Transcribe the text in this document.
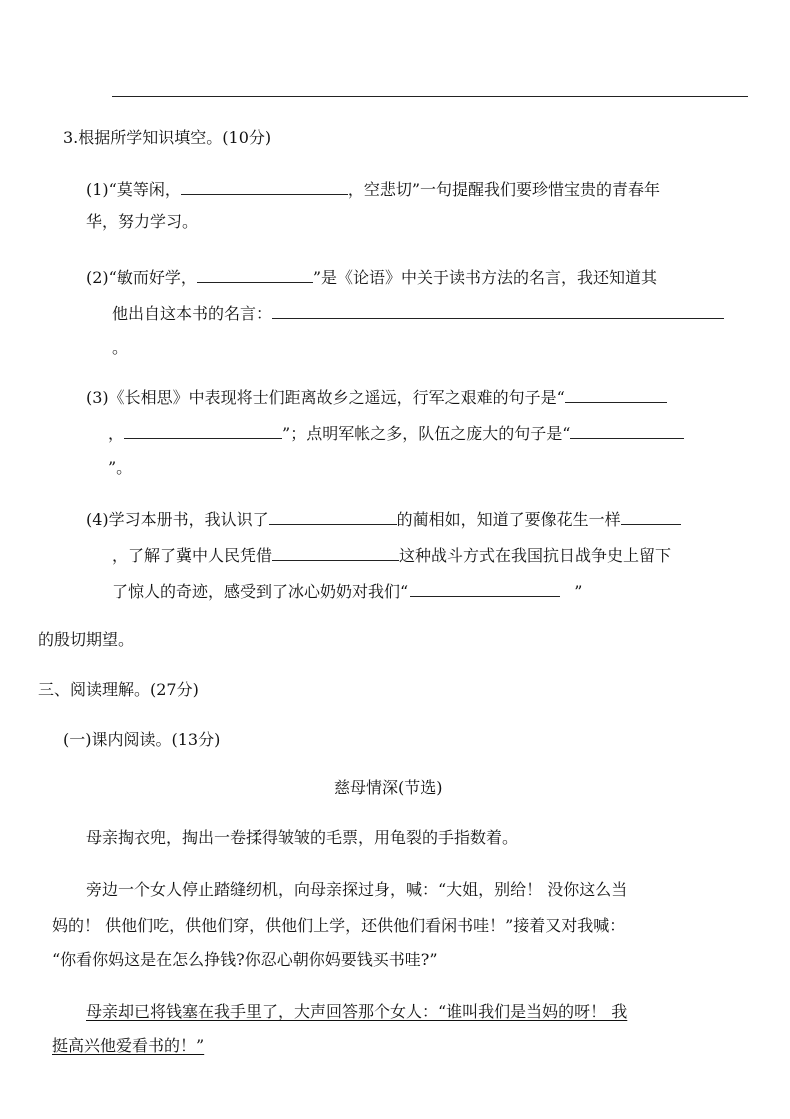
3.根据所学知识填空。(10分)
(1)“莫等闲，	，空悲切”一句提醒我们要珍惜宝贵的青春年
华，努力学习。
(2)“敏而好学，	”是《论语》中关于读书方法的名言，我还知道其
他出自这本书的名言：
。
(3)《长相思》中表现将士们距离故乡之遥远，行军之艰难的句子是“
，	”；点明军帐之多，队伍之庞大的句子是“
”。
(4)学习本册书，我认识了	的蔺相如，知道了要像花生一样
，了解了冀中人民凭借	这种战斗方式在我国抗日战争史上留下
了惊人的奇迹，感受到了冰心奶奶对我们“	”
的殷切期望。
三、阅读理解。(27分)
(一)课内阅读。(13分)
慈母情深(节选)
母亲掏衣兜，掏出一卷揉得皱皱的毛票，用龟裂的手指数着。
旁边一个女人停止踏缝纫机，向母亲探过身，喊：“大姐，别给！ 没你这么当
妈的！ 供他们吃，供他们穿，供他们上学，还供他们看闲书哇！”接着又对我喊：
“你看你妈这是在怎么挣钱?你忍心朝你妈要钱买书哇?”
母亲却已将钱塞在我手里了，大声回答那个女人：“谁叫我们是当妈的呀！ 我
挺高兴他爱看书的！”
